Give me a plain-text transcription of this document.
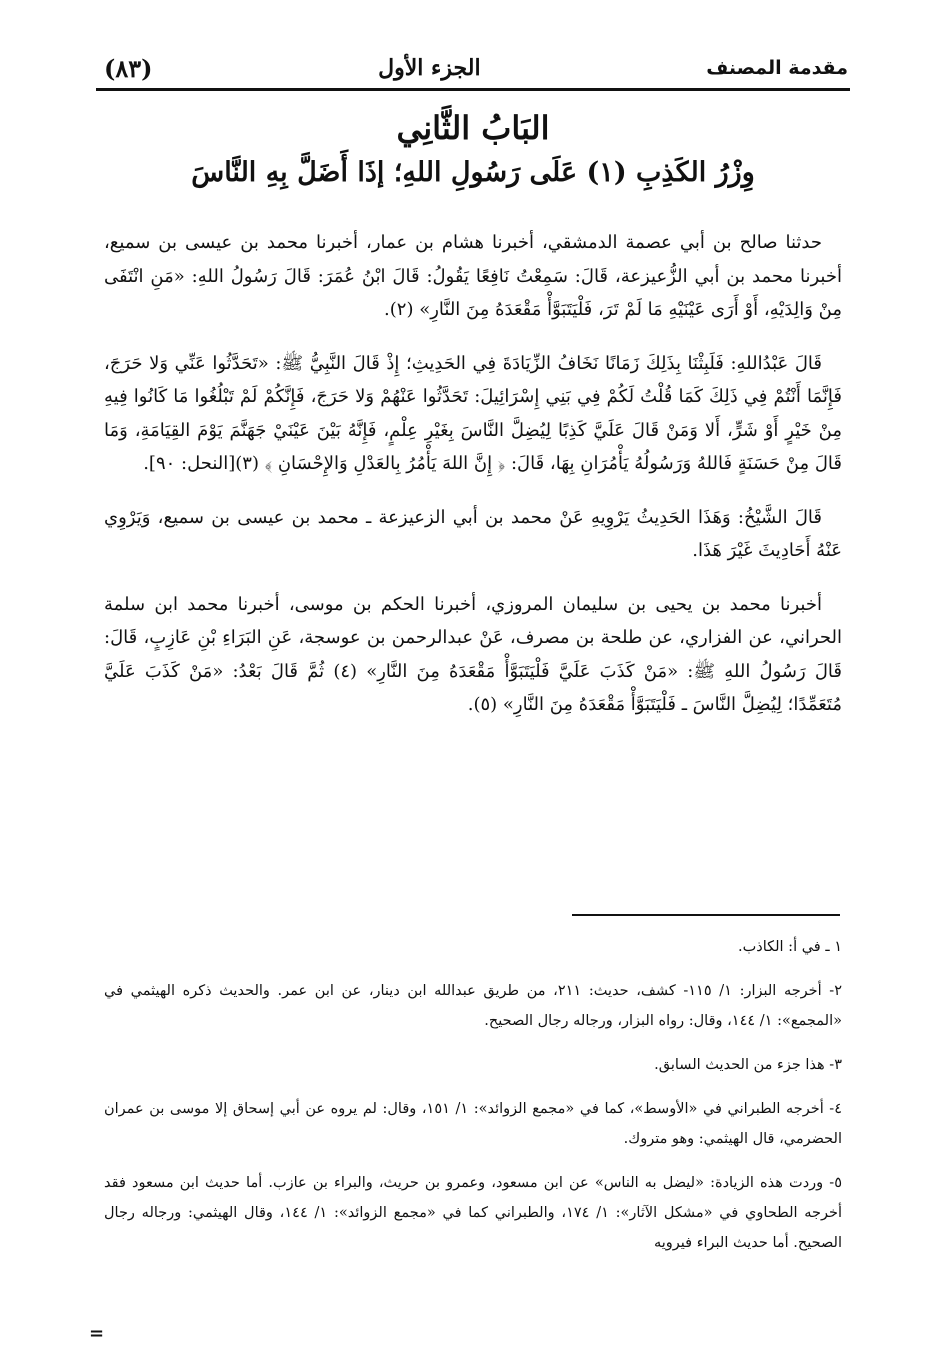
(٨٣)	الجزء الأول	مقدمة المصنف
البَابُ الثَّانِي
وِزْرُ الكَذِبِ (١) عَلَى رَسُولِ اللهِ؛ إذَا أَضَلَّ بِهِ النَّاسَ

حدثنا صالح بن أبي عصمة الدمشقي، أخبرنا هشام بن عمار، أخبرنا محمد بن عيسى بن سميع، أخبرنا محمد بن أبي الزُّعيزعة، قَالَ: سَمِعْتُ نَافِعًا يَقُولُ: قَالَ ابْنُ عُمَرَ: قَالَ رَسُولُ اللهِ: «مَنِ انْتَفَى مِنْ وَالِدَيْهِ، أَوْ أَرَى عَيْنَيْهِ مَا لَمْ تَرَ، فَلْيَتَبَوَّأْ مَقْعَدَهُ مِنَ النَّارِ» (٢).

قَالَ عَبْدُاللهِ: فَلَبِثْنَا بِذَلِكَ زَمَانًا نَخَافُ الزِّيَادَةَ فِي الحَدِيثِ؛ إِذْ قَالَ النَّبِيُّ ﷺ: «تَحَدَّثُوا عَنِّي وَلا حَرَجَ، فَإِنَّمَا أَنْتُمْ فِي ذَلِكَ كَمَا قُلْتُ لَكُمْ فِي بَنِي إِسْرَائِيلَ: تَحَدَّثُوا عَنْهُمْ وَلا حَرَجَ، فَإِنَّكُمْ لَمْ تَبْلُغُوا مَا كَانُوا فِيهِ مِنْ خَيْرٍ أَوْ شَرٍّ، أَلا وَمَنْ قَالَ عَلَيَّ كَذِبًا لِيُضِلَّ النَّاسَ بِغَيْرِ عِلْمٍ، فَإِنَّهُ بَيْنَ عَيْنَيْ جَهَنَّمَ يَوْمَ القِيَامَةِ، وَمَا قَالَ مِنْ حَسَنَةٍ فَاللهُ وَرَسُولُهُ يَأْمُرَانِ بِهَا، قَالَ: ﴿ إِنَّ اللهَ يَأْمُرُ بِالعَدْلِ وَالإِحْسَانِ ﴾ (٣)[النحل: ٩٠].

قَالَ الشَّيْخُ: وَهَذَا الحَدِيثُ يَرْوِيهِ عَنْ محمد بن أبي الزعيزعة ـ محمد بن عيسى بن سميع، وَيَرْوِي عَنْهُ أَحَادِيثَ غَيْرَ هَذَا.

أخبرنا محمد بن يحيى بن سليمان المروزي، أخبرنا الحكم بن موسى، أخبرنا محمد ابن سلمة الحراني، عن الفزاري، عن طلحة بن مصرف، عَنْ عبدالرحمن بن عوسجة، عَنِ البَرَاءِ بْنِ عَازِبٍ، قَالَ: قَالَ رَسُولُ اللهِ ﷺ: «مَنْ كَذَبَ عَلَيَّ فَلْيَتَبَوَّأْ مَقْعَدَهُ مِنَ النَّارِ» (٤) ثُمَّ قَالَ بَعْدُ: «مَنْ كَذَبَ عَلَيَّ مُتَعَمِّدًا؛ لِيُضِلَّ النَّاسَ ـ فَلْيَتَبَوَّأْ مَقْعَدَهُ مِنَ النَّارِ» (٥).

١ ـ في أ: الكاذب.
٢- أخرجه البزار: ١/ ١١٥- كشف، حديث: ٢١١، من طريق عبدالله ابن دينار، عن ابن عمر. والحديث ذكره الهيثمي في «المجمع»: ١/ ١٤٤، وقال: رواه البزار، ورجاله رجال الصحيح.
٣- هذا جزء من الحديث السابق.
٤- أخرجه الطبراني في «الأوسط»، كما في «مجمع الزوائد»: ١/ ١٥١، وقال: لم يروه عن أبي إسحاق إلا موسى بن عمران الحضرمي، قال الهيثمي: وهو متروك.
٥- وردت هذه الزيادة: «ليضل به الناس» عن ابن مسعود، وعمرو بن حريث، والبراء بن عازب. أما حديث ابن مسعود فقد أخرجه الطحاوي في «مشكل الآثار»: ١/ ١٧٤، والطبراني كما في «مجمع الزوائد»: ١/ ١٤٤، وقال الهيثمي: ورجاله رجال الصحيح. أما حديث البراء فيرويه
=
